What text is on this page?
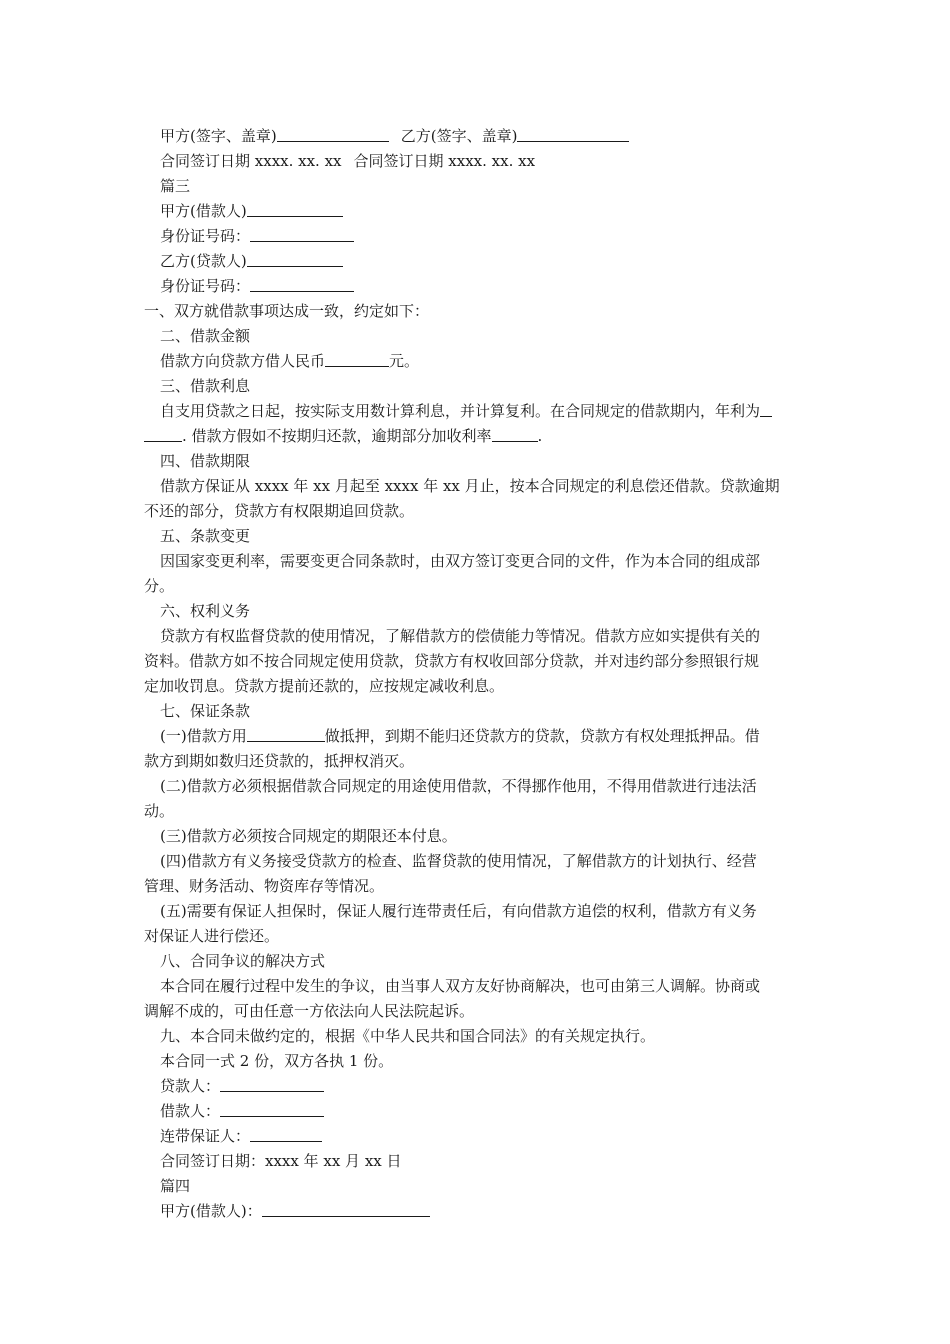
甲方(签字、盖章)	乙方(签字、盖章)
合同签订日期 xxxx. xx. xx 合同签订日期 xxxx. xx. xx
篇三
甲方(借款人)
身份证号码：
乙方(贷款人)
身份证号码：
一、双方就借款事项达成一致，约定如下：
二、借款金额
借款方向贷款方借人民币	元。
三、借款利息
自支用贷款之日起，按实际支用数计算利息，并计算复利。在合同规定的借款期内，年利为
. 借款方假如不按期归还款，逾期部分加收利率	.
四、借款期限
借款方保证从 xxxx 年 xx 月起至 xxxx 年 xx 月止，按本合同规定的利息偿还借款。贷款逾期
不还的部分，贷款方有权限期追回贷款。
五、条款变更
因国家变更利率，需要变更合同条款时，由双方签订变更合同的文件，作为本合同的组成部
分。
六、权利义务
贷款方有权监督贷款的使用情况，了解借款方的偿债能力等情况。借款方应如实提供有关的
资料。借款方如不按合同规定使用贷款，贷款方有权收回部分贷款，并对违约部分参照银行规
定加收罚息。贷款方提前还款的，应按规定减收利息。
七、保证条款
(一)借款方用	做抵押，到期不能归还贷款方的贷款，贷款方有权处理抵押品。借
款方到期如数归还贷款的，抵押权消灭。
(二)借款方必须根据借款合同规定的用途使用借款，不得挪作他用，不得用借款进行违法活
动。
(三)借款方必须按合同规定的期限还本付息。
(四)借款方有义务接受贷款方的检查、监督贷款的使用情况，了解借款方的计划执行、经营
管理、财务活动、物资库存等情况。
(五)需要有保证人担保时，保证人履行连带责任后，有向借款方追偿的权利，借款方有义务
对保证人进行偿还。
八、合同争议的解决方式
本合同在履行过程中发生的争议，由当事人双方友好协商解决，也可由第三人调解。协商或
调解不成的，可由任意一方依法向人民法院起诉。
九、本合同未做约定的，根据《中华人民共和国合同法》的有关规定执行。
本合同一式 2 份，双方各执 1 份。
贷款人：
借款人：
连带保证人：
合同签订日期：xxxx 年 xx 月 xx 日
篇四
甲方(借款人)：
